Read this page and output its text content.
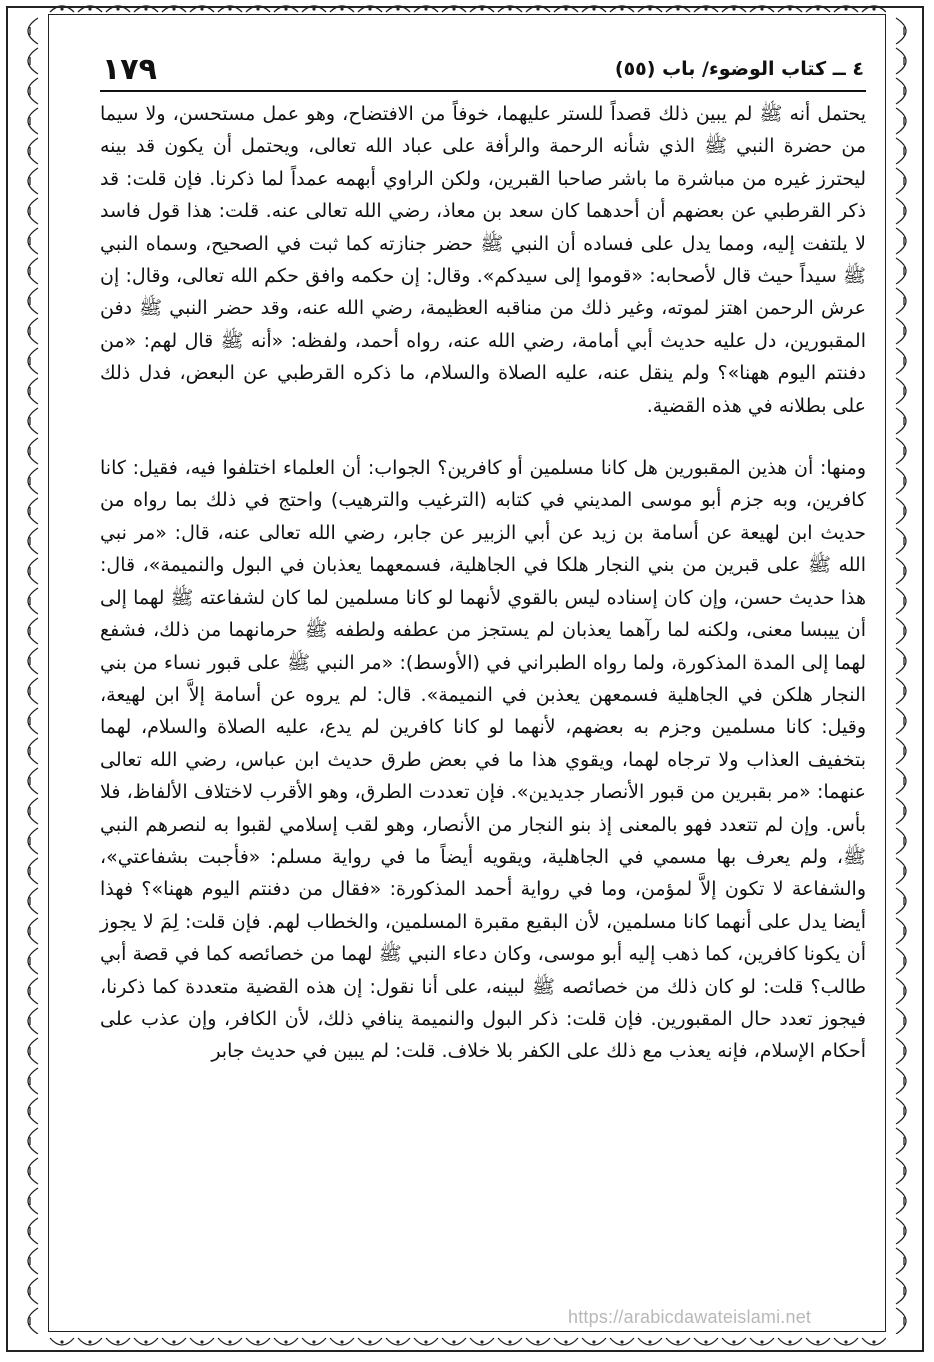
١٧٩	٤ ــ كتاب الوضوء/ باب (٥٥)

يحتمل أنه ﷺ لم يبين ذلك قصداً للستر عليهما، خوفاً من الافتضاح، وهو عمل مستحسن، ولا سيما من حضرة النبي ﷺ الذي شأنه الرحمة والرأفة على عباد الله تعالى، ويحتمل أن يكون قد بينه ليحترز غيره من مباشرة ما باشر صاحبا القبرين، ولكن الراوي أبهمه عمداً لما ذكرنا. فإن قلت: قد ذكر القرطبي عن بعضهم أن أحدهما كان سعد بن معاذ، رضي الله تعالى عنه. قلت: هذا قول فاسد لا يلتفت إليه، ومما يدل على فساده أن النبي ﷺ حضر جنازته كما ثبت في الصحيح، وسماه النبي ﷺ سيداً حيث قال لأصحابه: «قوموا إلى سيدكم». وقال: إن حكمه وافق حكم الله تعالى، وقال: إن عرش الرحمن اهتز لموته، وغير ذلك من مناقبه العظيمة، رضي الله عنه، وقد حضر النبي ﷺ دفن المقبورين، دل عليه حديث أبي أمامة، رضي الله عنه، رواه أحمد، ولفظه: «أنه ﷺ قال لهم: «من دفنتم اليوم ههنا»؟ ولم ينقل عنه، عليه الصلاة والسلام، ما ذكره القرطبي عن البعض، فدل ذلك على بطلانه في هذه القضية.

ومنها: أن هذين المقبورين هل كانا مسلمين أو كافرين؟ الجواب: أن العلماء اختلفوا فيه، فقيل: كانا كافرين، وبه جزم أبو موسى المديني في كتابه (الترغيب والترهيب) واحتج في ذلك بما رواه من حديث ابن لهيعة عن أسامة بن زيد عن أبي الزبير عن جابر، رضي الله تعالى عنه، قال: «مر نبي الله ﷺ على قبرين من بني النجار هلكا في الجاهلية، فسمعهما يعذبان في البول والنميمة»، قال: هذا حديث حسن، وإن كان إسناده ليس بالقوي لأنهما لو كانا مسلمين لما كان لشفاعته ﷺ لهما إلى أن ييبسا معنى، ولكنه لما رآهما يعذبان لم يستجز من عطفه ولطفه ﷺ حرمانهما من ذلك، فشفع لهما إلى المدة المذكورة، ولما رواه الطبراني في (الأوسط): «مر النبي ﷺ على قبور نساء من بني النجار هلكن في الجاهلية فسمعهن يعذبن في النميمة». قال: لم يروه عن أسامة إلاَّ ابن لهيعة، وقيل: كانا مسلمين وجزم به بعضهم، لأنهما لو كانا كافرين لم يدع، عليه الصلاة والسلام، لهما بتخفيف العذاب ولا ترجاه لهما، ويقوي هذا ما في بعض طرق حديث ابن عباس، رضي الله تعالى عنهما: «مر بقبرين من قبور الأنصار جديدين». فإن تعددت الطرق، وهو الأقرب لاختلاف الألفاظ، فلا بأس. وإن لم تتعدد فهو بالمعنى إذ بنو النجار من الأنصار، وهو لقب إسلامي لقبوا به لنصرهم النبي ﷺ، ولم يعرف بها مسمي في الجاهلية، ويقويه أيضاً ما في رواية مسلم: «فأجبت بشفاعتي»، والشفاعة لا تكون إلاَّ لمؤمن، وما في رواية أحمد المذكورة: «فقال من دفنتم اليوم ههنا»؟ فهذا أيضا يدل على أنهما كانا مسلمين، لأن البقيع مقبرة المسلمين، والخطاب لهم. فإن قلت: لِمَ لا يجوز أن يكونا كافرين، كما ذهب إليه أبو موسى، وكان دعاء النبي ﷺ لهما من خصائصه كما في قصة أبي طالب؟ قلت: لو كان ذلك من خصائصه ﷺ لبينه، على أنا نقول: إن هذه القضية متعددة كما ذكرنا، فيجوز تعدد حال المقبورين. فإن قلت: ذكر البول والنميمة ينافي ذلك، لأن الكافر، وإن عذب على أحكام الإسلام، فإنه يعذب مع ذلك على الكفر بلا خلاف. قلت: لم يبين في حديث جابر

https://arabicdawateislami.net
